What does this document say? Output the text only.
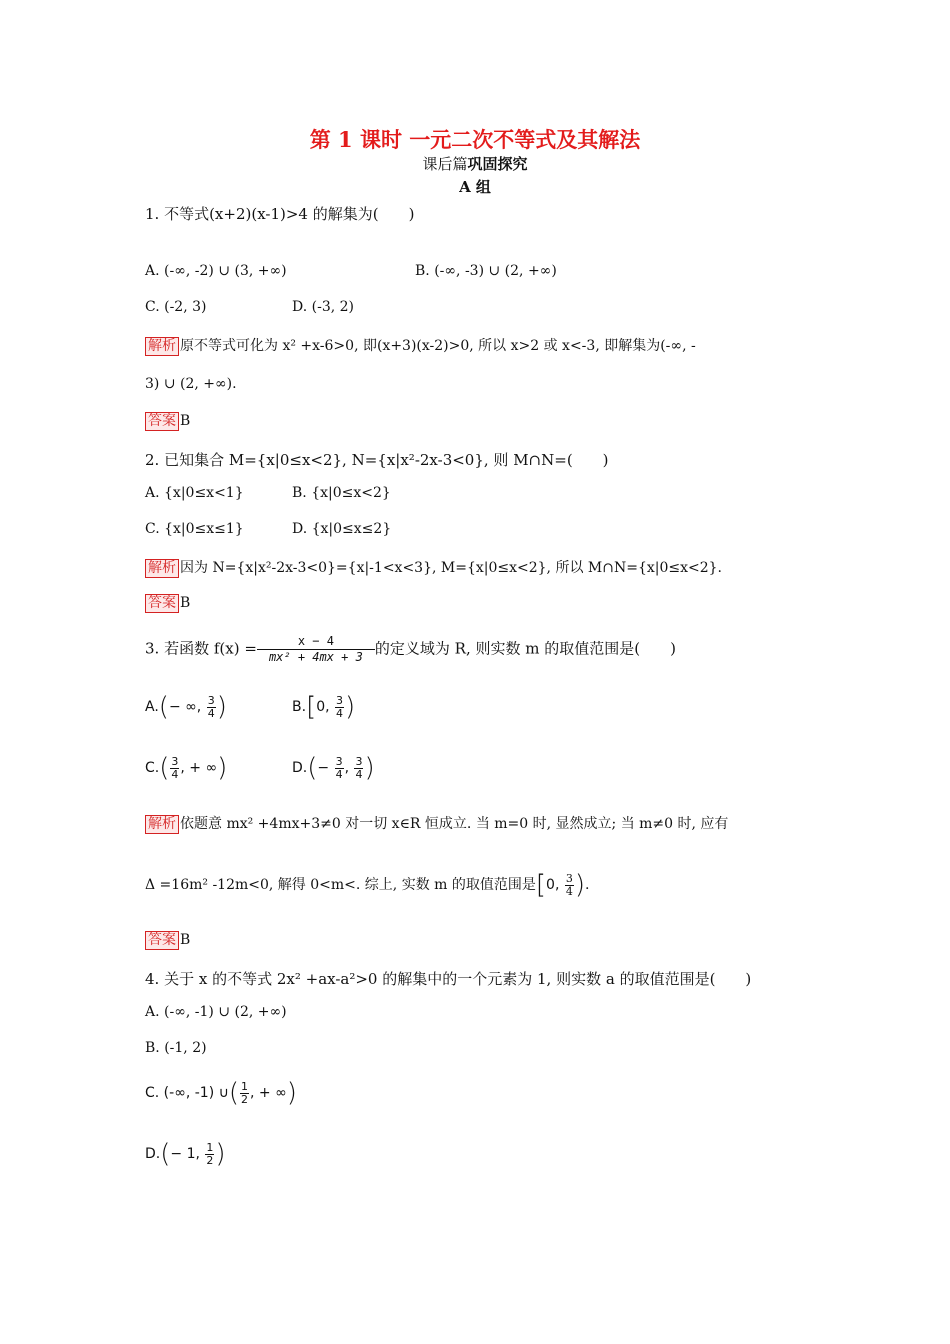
第 1 课时 一元二次不等式及其解法
课后篇巩固探究
A 组
1. 不等式(x+2)(x-1)>4 的解集为(　　)
A. (-∞, -2) ∪ (3, +∞)	B. (-∞, -3) ∪ (2, +∞)
C. (-2, 3)	D. (-3, 2)
解析 原不等式可化为 x² +x-6>0, 即(x+3)(x-2)>0, 所以 x>2 或 x<-3, 即解集为(-∞, -
3) ∪ (2, +∞).
答案 B
2. 已知集合 M={x|0≤x<2}, N={x|x²-2x-3<0}, 则 M∩N=(　　)
A. {x|0≤x<1}	B. {x|0≤x<2}
C. {x|0≤x≤1}	D. {x|0≤x≤2}
解析 因为 N={x|x²-2x-3<0}={x|-1<x<3}, M={x|0≤x<2}, 所以 M∩N={x|0≤x<2}.
答案 B
3. 若函数 $f(x) = \frac{x - 4}{\text{mx² + 4mx + 3}}$ 的定义域为 R, 则实数 m 的取值范围是(　　)
A.(− ∞, $\frac{3}{4}$ )	B.[0, $\frac{3}{4}$ )
$C.( \frac{3}{4}$ , + ∞)	$D.(- \frac{3}{4}$ , $\frac{3}{4}$ )
解析 依题意 mx² +4mx+3≠0 对一切 x∈R 恒成立. 当 m=0 时, 显然成立; 当 m≠0 时, 应有
Δ =16m² -12m<0, 解得 0<m<. 综上, 实数 m 的取值范围是[0, $\frac{3}{4}$ ).
答案 B
4. 关于 x 的不等式 2x² +ax-a²>0 的解集中的一个元素为 1, 则实数 a 的取值范围是(　　)
A. (-∞, -1) ∪ (2, +∞)
B. (-1, 2)
C. (-∞, -1) ∪( $\frac{1}{2}$ , + ∞)
D.(− 1, $\frac{1}{2}$ )
